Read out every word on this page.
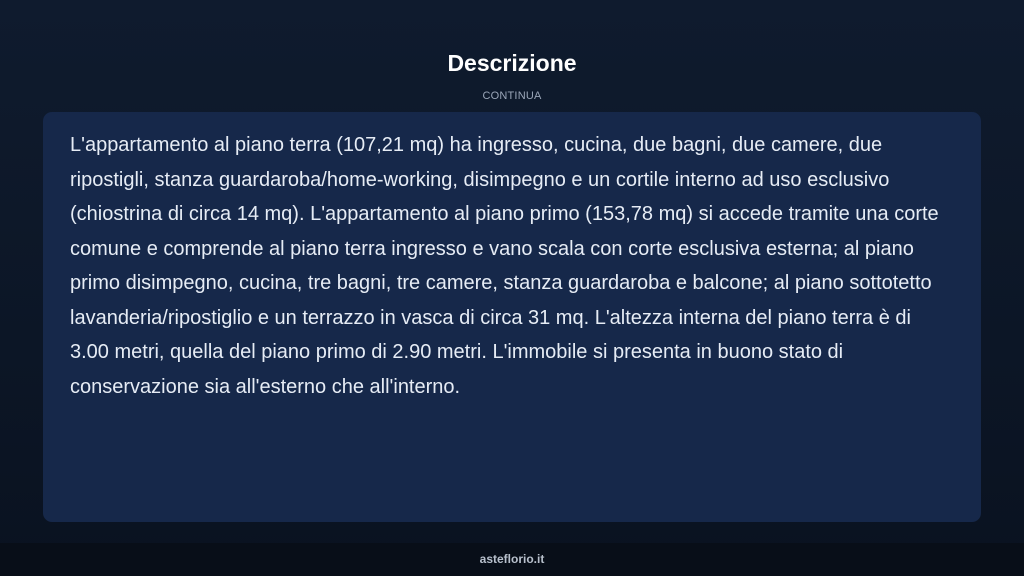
Descrizione
CONTINUA

L'appartamento al piano terra (107,21 mq) ha ingresso, cucina, due bagni, due camere, due ripostigli, stanza guardaroba/home-working, disimpegno e un cortile interno ad uso esclusivo (chiostrina di circa 14 mq). L'appartamento al piano primo (153,78 mq) si accede tramite una corte comune e comprende al piano terra ingresso e vano scala con corte esclusiva esterna; al piano primo disimpegno, cucina, tre bagni, tre camere, stanza guardaroba e balcone; al piano sottotetto lavanderia/ripostiglio e un terrazzo in vasca di circa 31 mq. L'altezza interna del piano terra è di 3.00 metri, quella del piano primo di 2.90 metri. L'immobile si presenta in buono stato di conservazione sia all'esterno che all'interno.

asteflorio.it
